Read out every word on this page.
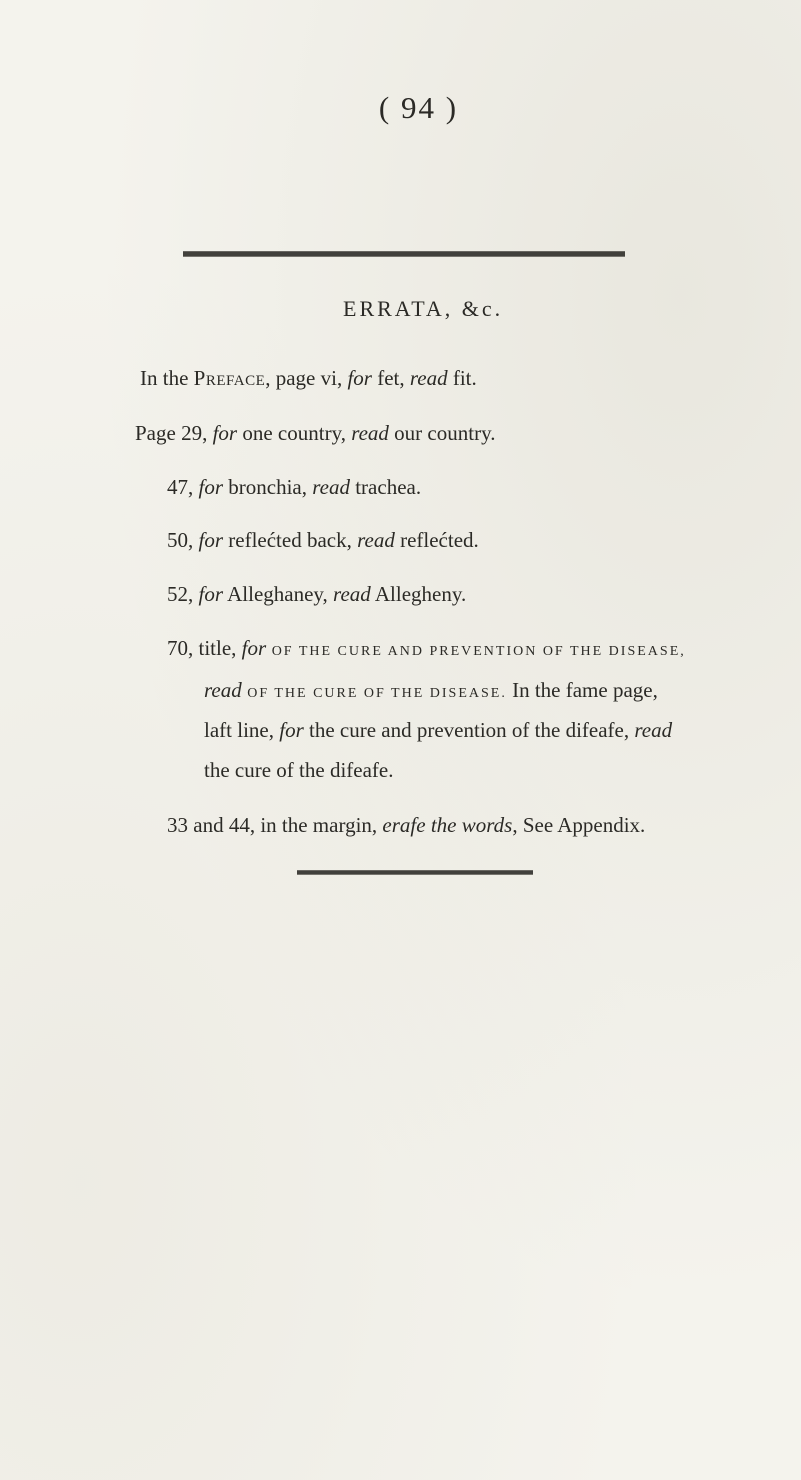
( 94 )
ERRATA, &c.
In the Preface, page vi, for fet, read fit.
Page 29, for one country, read our country.
47, for bronchia, read trachea.
50, for reflećted back, read reflećted.
52, for Alleghaney, read Allegheny.
70, title, for OF THE CURE AND PREVENTION OF THE DISEASE,
read OF THE CURE OF THE DISEASE. In the fame page,
laft line, for the cure and prevention of the difeafe, read
the cure of the difeafe.
33 and 44, in the margin, erafe the words, See Appendix.
